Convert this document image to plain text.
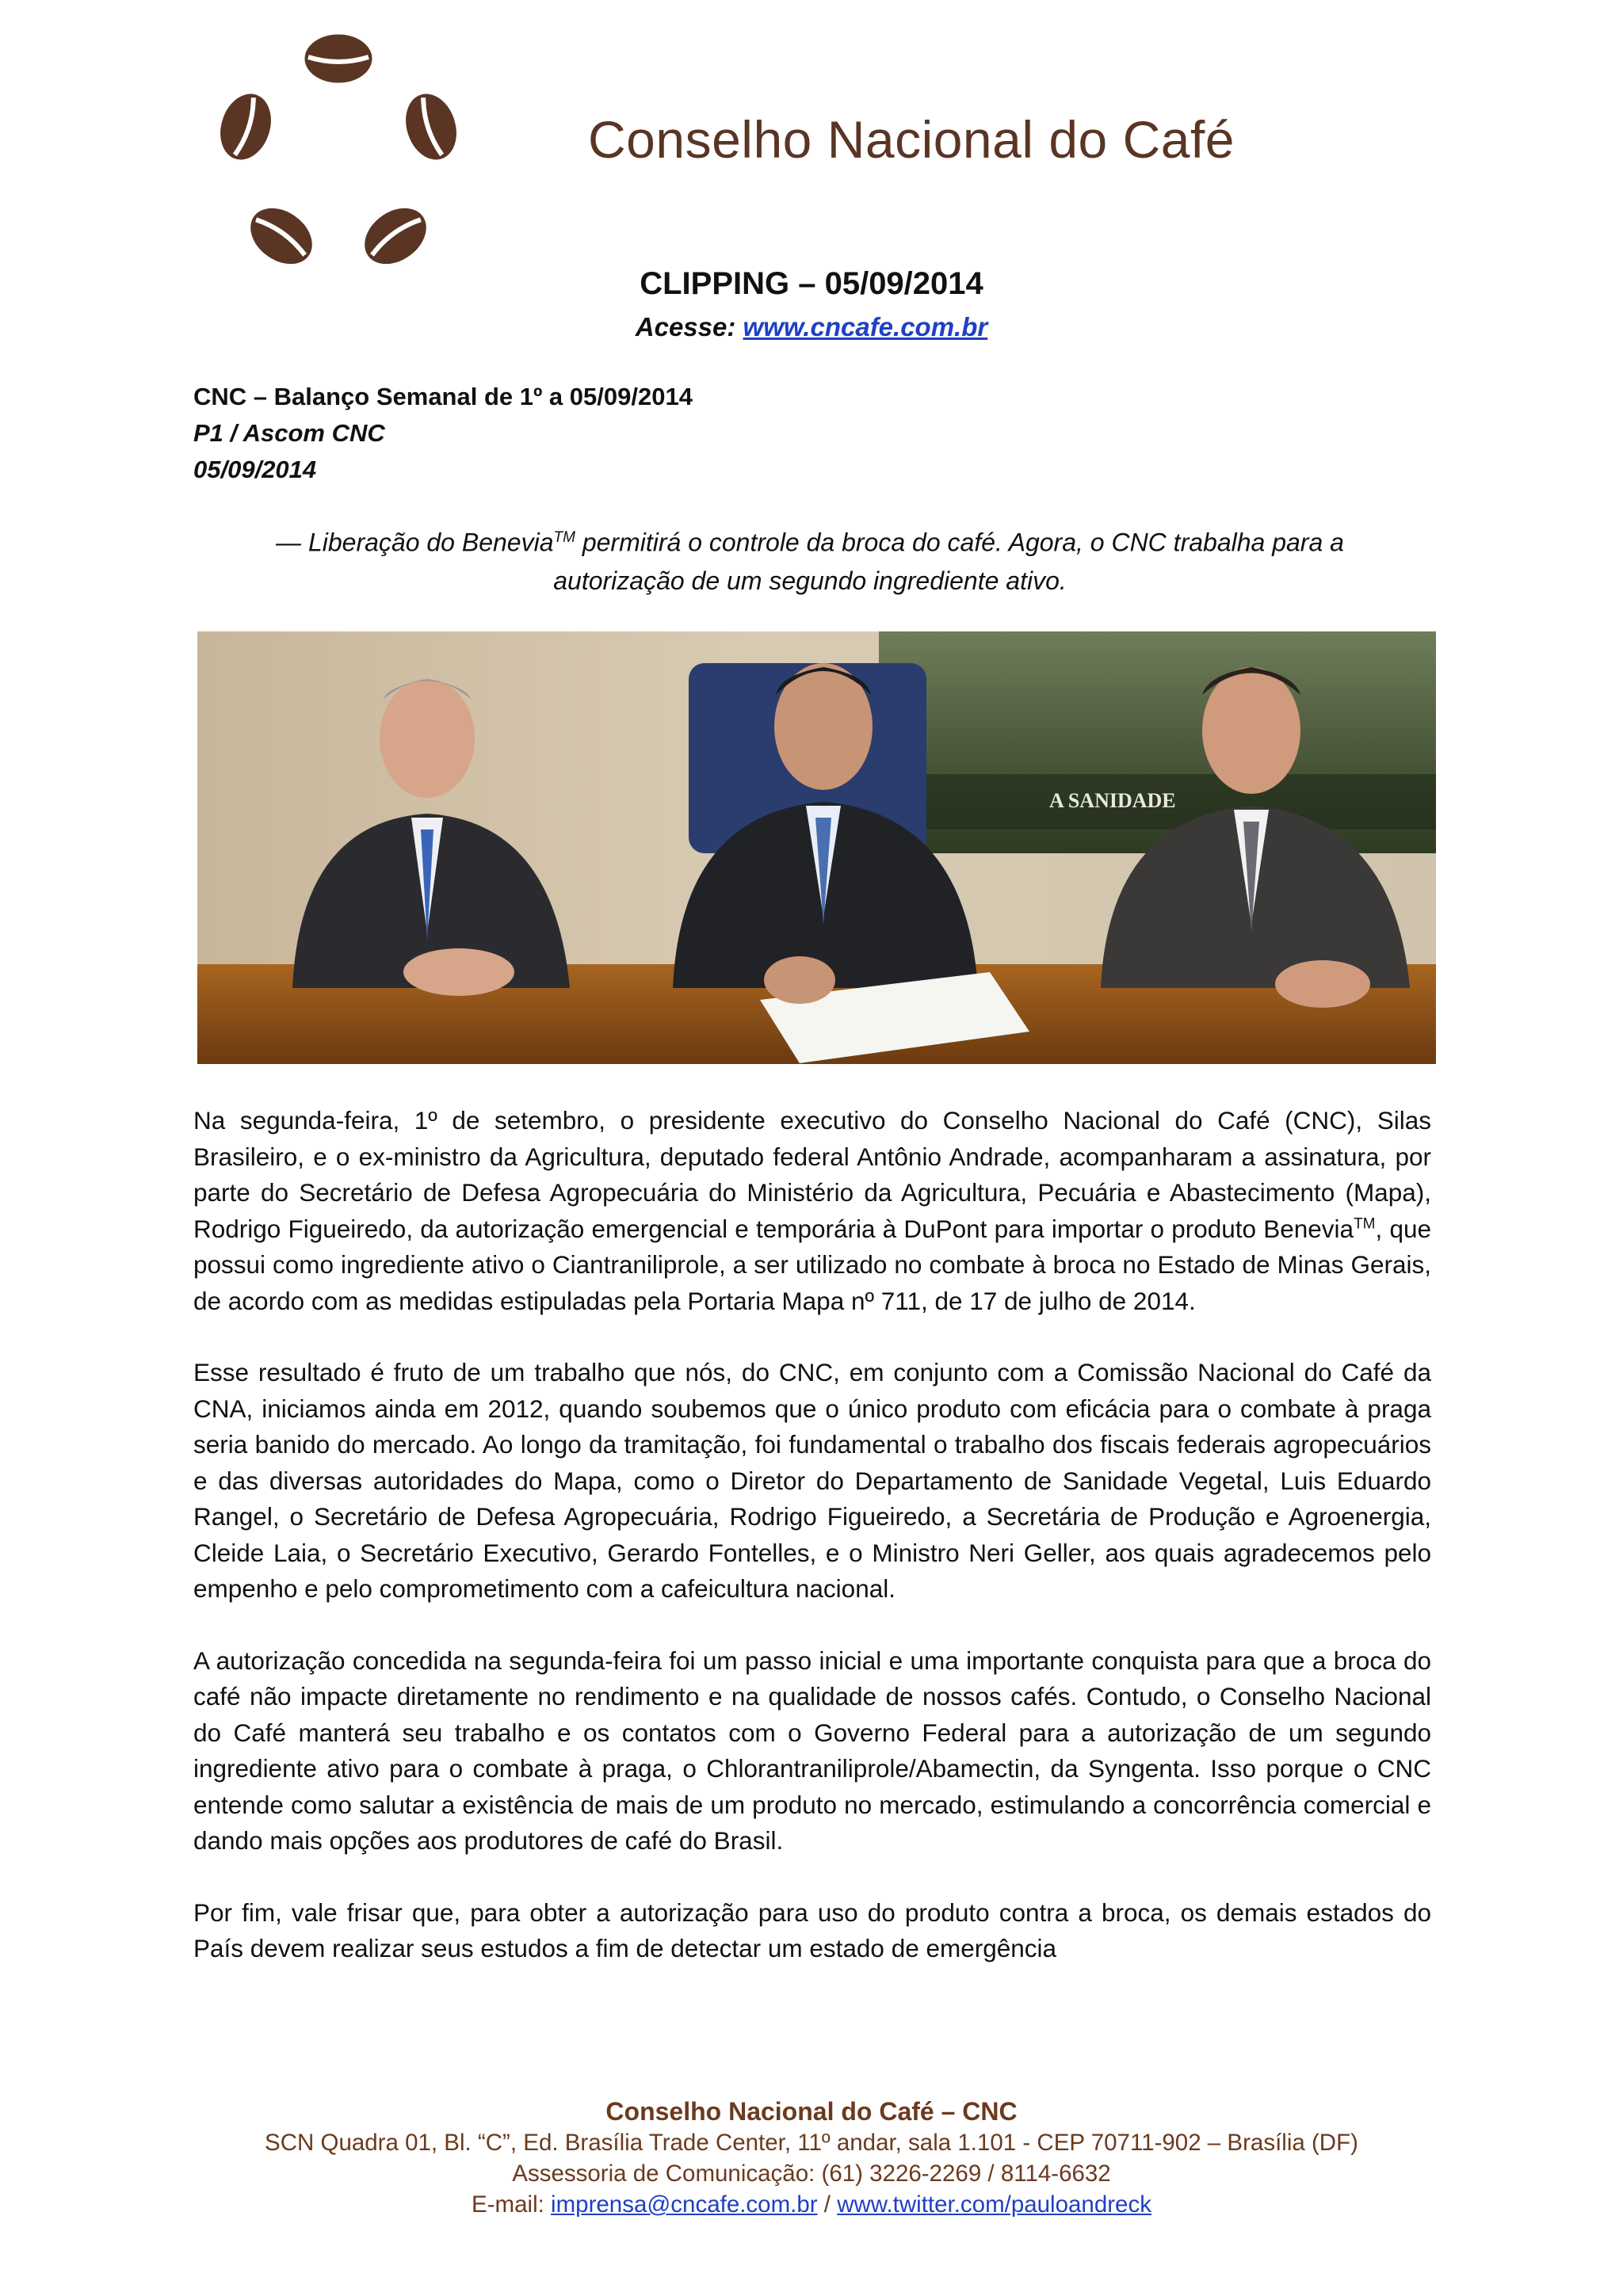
Conselho Nacional do Café
CLIPPING – 05/09/2014
Acesse: www.cncafe.com.br
CNC – Balanço Semanal de 1º a 05/09/2014
P1 / Ascom CNC
05/09/2014
— Liberação do Benevia™ permitirá o controle da broca do café. Agora, o CNC trabalha para a autorização de um segundo ingrediente ativo.
A SANIDADE

Na segunda-feira, 1º de setembro, o presidente executivo do Conselho Nacional do Café (CNC), Silas Brasileiro, e o ex-ministro da Agricultura, deputado federal Antônio Andrade, acompanharam a assinatura, por parte do Secretário de Defesa Agropecuária do Ministério da Agricultura, Pecuária e Abastecimento (Mapa), Rodrigo Figueiredo, da autorização emergencial e temporária à DuPont para importar o produto Benevia™, que possui como ingrediente ativo o Ciantraniliprole, a ser utilizado no combate à broca no Estado de Minas Gerais, de acordo com as medidas estipuladas pela Portaria Mapa nº 711, de 17 de julho de 2014.

Esse resultado é fruto de um trabalho que nós, do CNC, em conjunto com a Comissão Nacional do Café da CNA, iniciamos ainda em 2012, quando soubemos que o único produto com eficácia para o combate à praga seria banido do mercado. Ao longo da tramitação, foi fundamental o trabalho dos fiscais federais agropecuários e das diversas autoridades do Mapa, como o Diretor do Departamento de Sanidade Vegetal, Luis Eduardo Rangel, o Secretário de Defesa Agropecuária, Rodrigo Figueiredo, a Secretária de Produção e Agroenergia, Cleide Laia, o Secretário Executivo, Gerardo Fontelles, e o Ministro Neri Geller, aos quais agradecemos pelo empenho e pelo comprometimento com a cafeicultura nacional.

A autorização concedida na segunda-feira foi um passo inicial e uma importante conquista para que a broca do café não impacte diretamente no rendimento e na qualidade de nossos cafés. Contudo, o Conselho Nacional do Café manterá seu trabalho e os contatos com o Governo Federal para a autorização de um segundo ingrediente ativo para o combate à praga, o Chlorantraniliprole/Abamectin, da Syngenta. Isso porque o CNC entende como salutar a existência de mais de um produto no mercado, estimulando a concorrência comercial e dando mais opções aos produtores de café do Brasil.

Por fim, vale frisar que, para obter a autorização para uso do produto contra a broca, os demais estados do País devem realizar seus estudos a fim de detectar um estado de emergência

Conselho Nacional do Café – CNC
SCN Quadra 01, Bl. “C”, Ed. Brasília Trade Center, 11º andar, sala 1.101 - CEP 70711-902 – Brasília (DF)
Assessoria de Comunicação: (61) 3226-2269 / 8114-6632
E-mail: imprensa@cncafe.com.br / www.twitter.com/pauloandreck
